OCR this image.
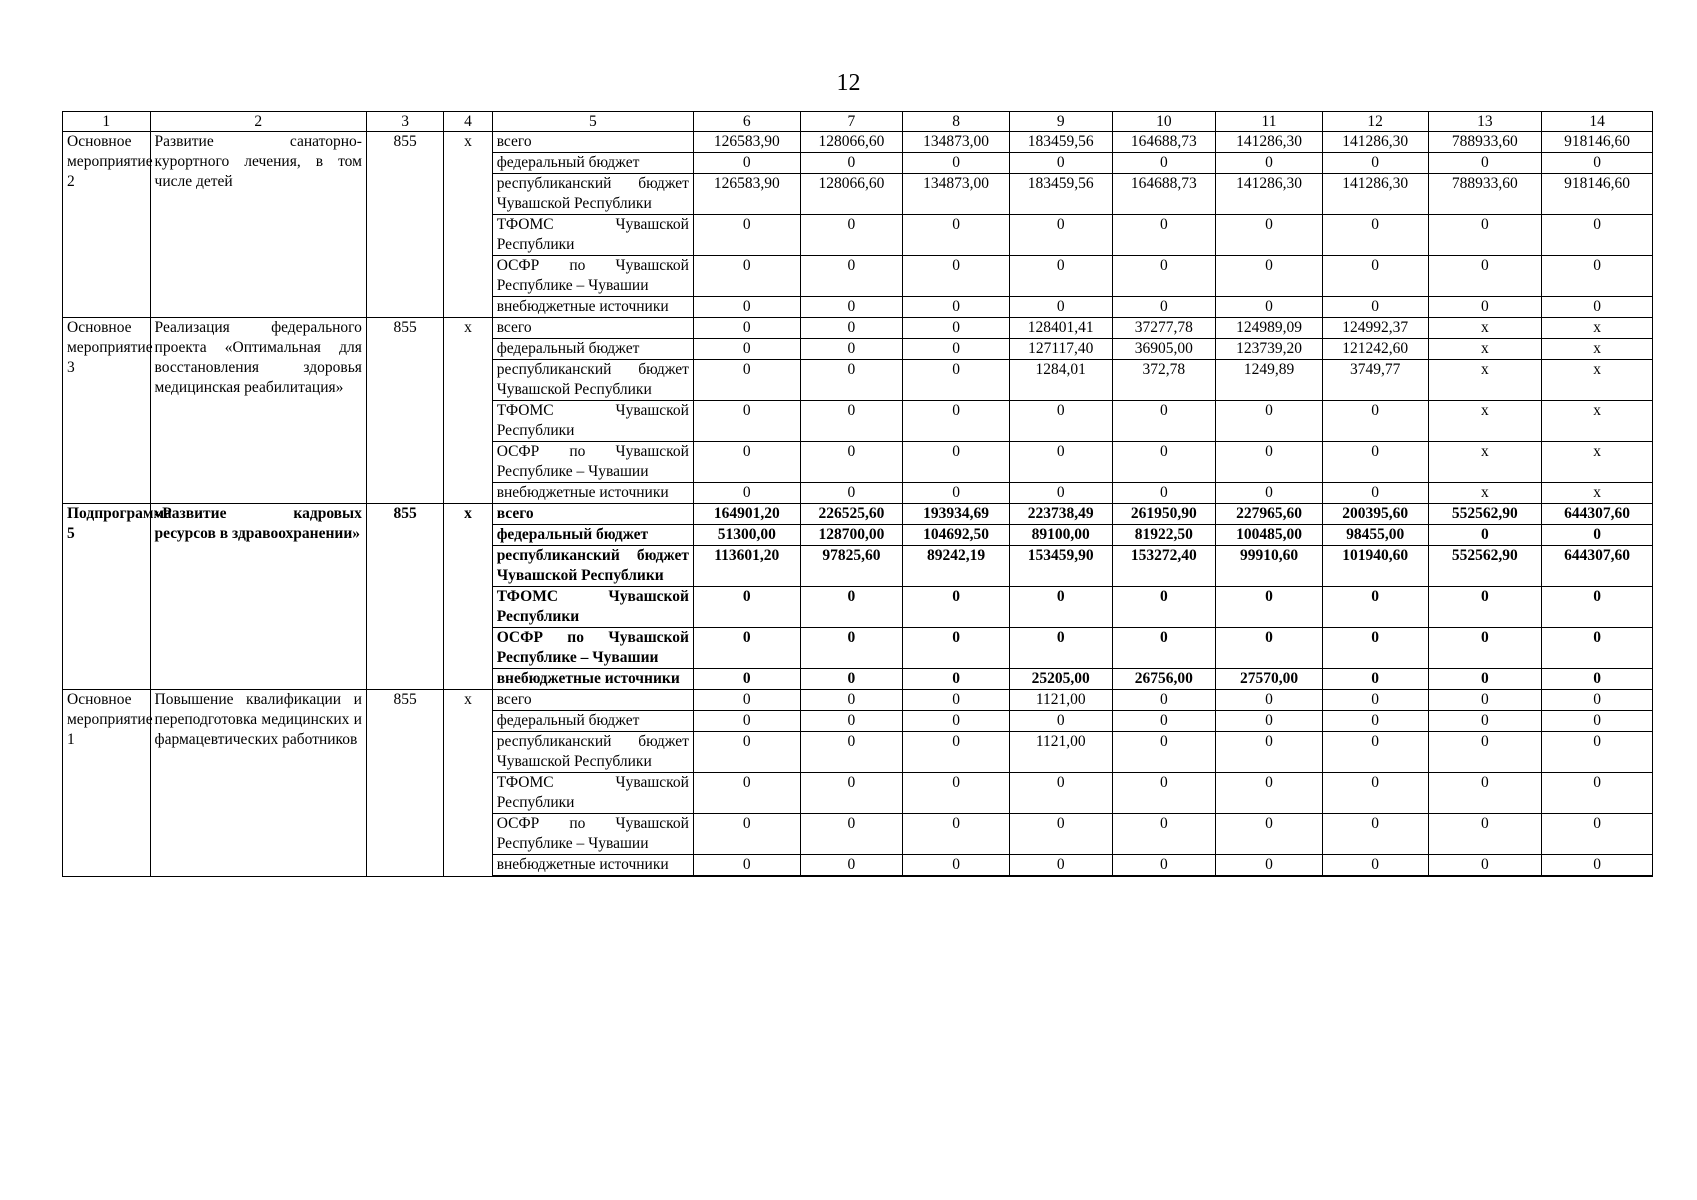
12
1	2	3	4	5	6	7	8	9	10	11	12	13	14
Основное мероприятие 2	Развитие санаторно-курортного лечения, в том числе детей	855	x	всего	126583,90	128066,60	134873,00	183459,56	164688,73	141286,30	141286,30	788933,60	918146,60
				федеральный бюджет	0	0	0	0	0	0	0	0	0
				республиканский бюджет Чувашской Республики	126583,90	128066,60	134873,00	183459,56	164688,73	141286,30	141286,30	788933,60	918146,60
				ТФОМС Чувашской Республики	0	0	0	0	0	0	0	0	0
				ОСФР по Чувашской Республике – Чувашии	0	0	0	0	0	0	0	0	0
				внебюджетные источники	0	0	0	0	0	0	0	0	0
Основное мероприятие 3	Реализация федерального проекта «Оптимальная для восстановления здоровья медицинская реабилитация»	855	x	всего	0	0	0	128401,41	37277,78	124989,09	124992,37	x	x
				федеральный бюджет	0	0	0	127117,40	36905,00	123739,20	121242,60	x	x
				республиканский бюджет Чувашской Республики	0	0	0	1284,01	372,78	1249,89	3749,77	x	x
				ТФОМС Чувашской Республики	0	0	0	0	0	0	0	x	x
				ОСФР по Чувашской Республике – Чувашии	0	0	0	0	0	0	0	x	x
				внебюджетные источники	0	0	0	0	0	0	0	x	x
Подпрограмма 5	«Развитие кадровых ресурсов в здравоохранении»	855	x	всего	164901,20	226525,60	193934,69	223738,49	261950,90	227965,60	200395,60	552562,90	644307,60
				федеральный бюджет	51300,00	128700,00	104692,50	89100,00	81922,50	100485,00	98455,00	0	0
				республиканский бюджет Чувашской Республики	113601,20	97825,60	89242,19	153459,90	153272,40	99910,60	101940,60	552562,90	644307,60
				ТФОМС Чувашской Республики	0	0	0	0	0	0	0	0	0
				ОСФР по Чувашской Республике – Чувашии	0	0	0	0	0	0	0	0	0
				внебюджетные источники	0	0	0	25205,00	26756,00	27570,00	0	0	0
Основное мероприятие 1	Повышение квалификации и переподготовка медицинских и фармацевтических работников	855	x	всего	0	0	0	1121,00	0	0	0	0	0
				федеральный бюджет	0	0	0	0	0	0	0	0	0
				республиканский бюджет Чувашской Республики	0	0	0	1121,00	0	0	0	0	0
				ТФОМС Чувашской Республики	0	0	0	0	0	0	0	0	0
				ОСФР по Чувашской Республике – Чувашии	0	0	0	0	0	0	0	0	0
				внебюджетные источники	0	0	0	0	0	0	0	0	0
